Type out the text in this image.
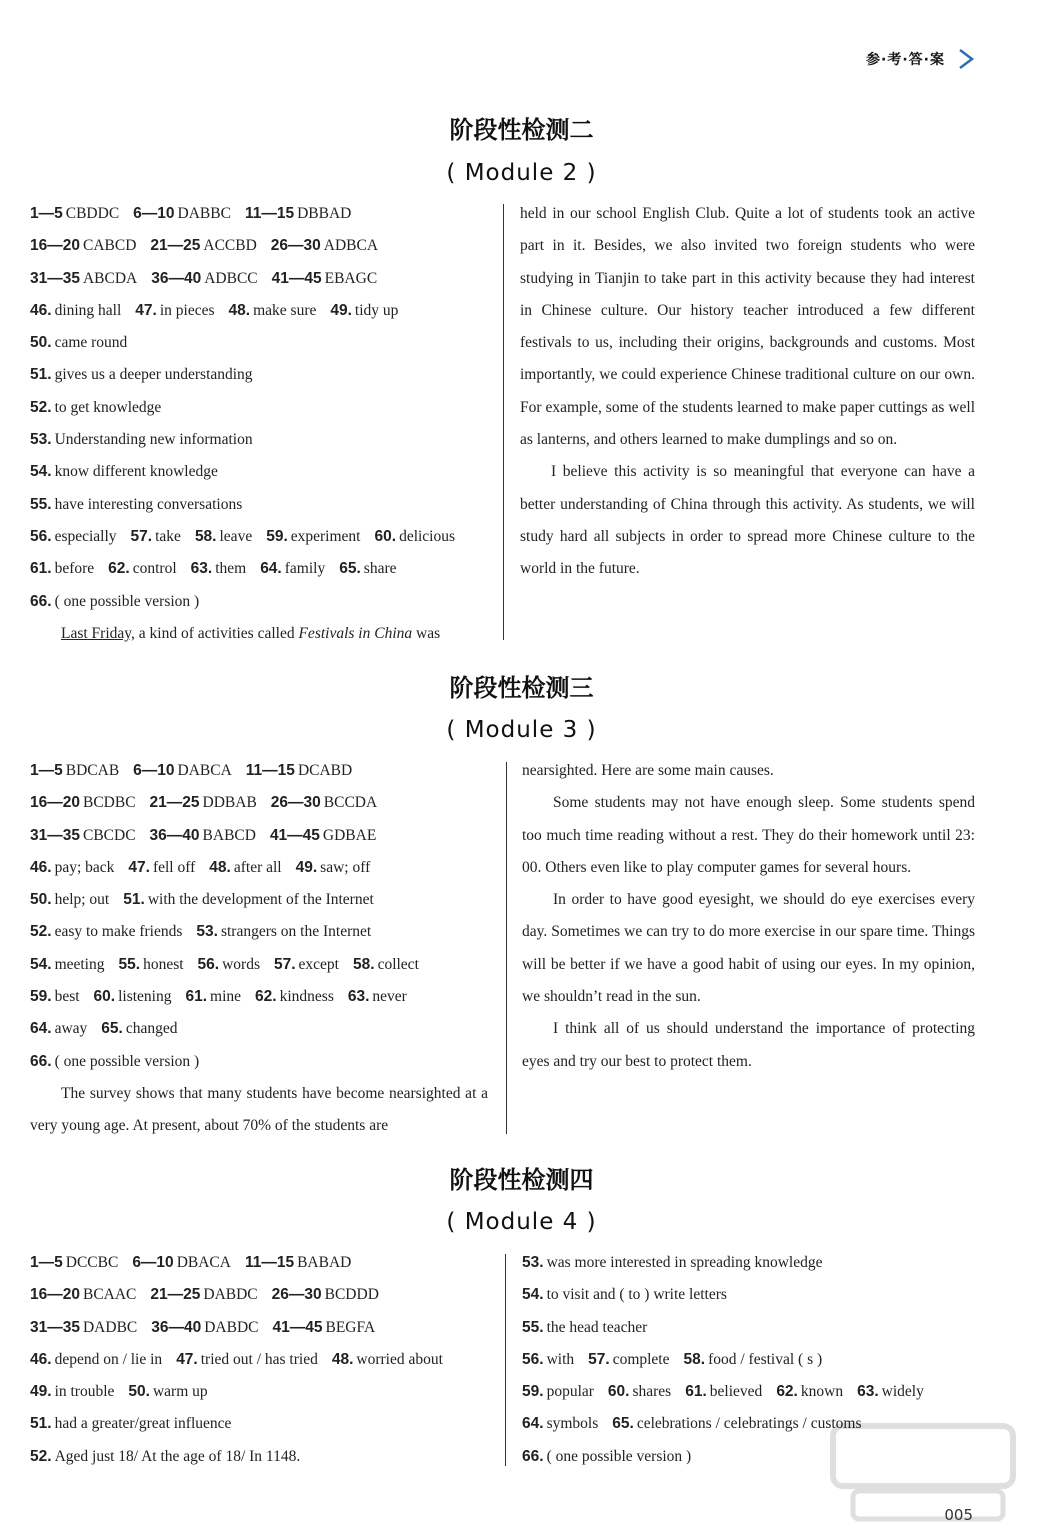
参·考·答·案
阶段性检测二
( Module 2 )
1—5 CBDDC 6—10 DABBC 11—15 DBBAD
16—20 CABCD 21—25 ACCBD 26—30 ADBCA
31—35 ABCDA 36—40 ADBCC 41—45 EBAGC
46. dining hall 47. in pieces 48. make sure 49. tidy up
50. came round
51. gives us a deeper understanding
52. to get knowledge
53. Understanding new information
54. know different knowledge
55. have interesting conversations
56. especially 57. take 58. leave 59. experiment 60. delicious
61. before 62. control 63. them 64. family 65. share
66. ( one possible version )
Last Friday, a kind of activities called Festivals in China was
held in our school English Club. Quite a lot of students took an active part in it. Besides, we also invited two foreign students who were studying in Tianjin to take part in this activity because they had interest in Chinese culture. Our history teacher introduced a few different festivals to us, including their origins, backgrounds and customs. Most importantly, we could experience Chinese traditional culture on our own. For example, some of the students learned to make paper cuttings as well as lanterns, and others learned to make dumplings and so on.
I believe this activity is so meaningful that everyone can have a better understanding of China through this activity. As students, we will study hard all subjects in order to spread more Chinese culture to the world in the future.
阶段性检测三
( Module 3 )
1—5 BDCAB 6—10 DABCA 11—15 DCABD
16—20 BCDBC 21—25 DDBAB 26—30 BCCDA
31—35 CBCDC 36—40 BABCD 41—45 GDBAE
46. pay; back 47. fell off 48. after all 49. saw; off
50. help; out 51. with the development of the Internet
52. easy to make friends 53. strangers on the Internet
54. meeting 55. honest 56. words 57. except 58. collect
59. best 60. listening 61. mine 62. kindness 63. never
64. away 65. changed
66. ( one possible version )
The survey shows that many students have become nearsighted at a very young age. At present, about 70% of the students are
nearsighted. Here are some main causes.
Some students may not have enough sleep. Some students spend too much time reading without a rest. They do their homework until 23: 00. Others even like to play computer games for several hours.
In order to have good eyesight, we should do eye exercises every day. Sometimes we can try to do more exercise in our spare time. Things will be better if we have a good habit of using our eyes. In my opinion, we shouldn’t read in the sun.
I think all of us should understand the importance of protecting eyes and try our best to protect them.
阶段性检测四
( Module 4 )
1—5 DCCBC 6—10 DBACA 11—15 BABAD
16—20 BCAAC 21—25 DABDC 26—30 BCDDD
31—35 DADBC 36—40 DABDC 41—45 BEGFA
46. depend on / lie in 47. tried out / has tried 48. worried about
49. in trouble 50. warm up
51. had a greater/great influence
52. Aged just 18/ At the age of 18/ In 1148.
53. was more interested in spreading knowledge
54. to visit and ( to ) write letters
55. the head teacher
56. with 57. complete 58. food / festival ( s )
59. popular 60. shares 61. believed 62. known 63. widely
64. symbols 65. celebrations / celebratings / customs
66. ( one possible version )
005
